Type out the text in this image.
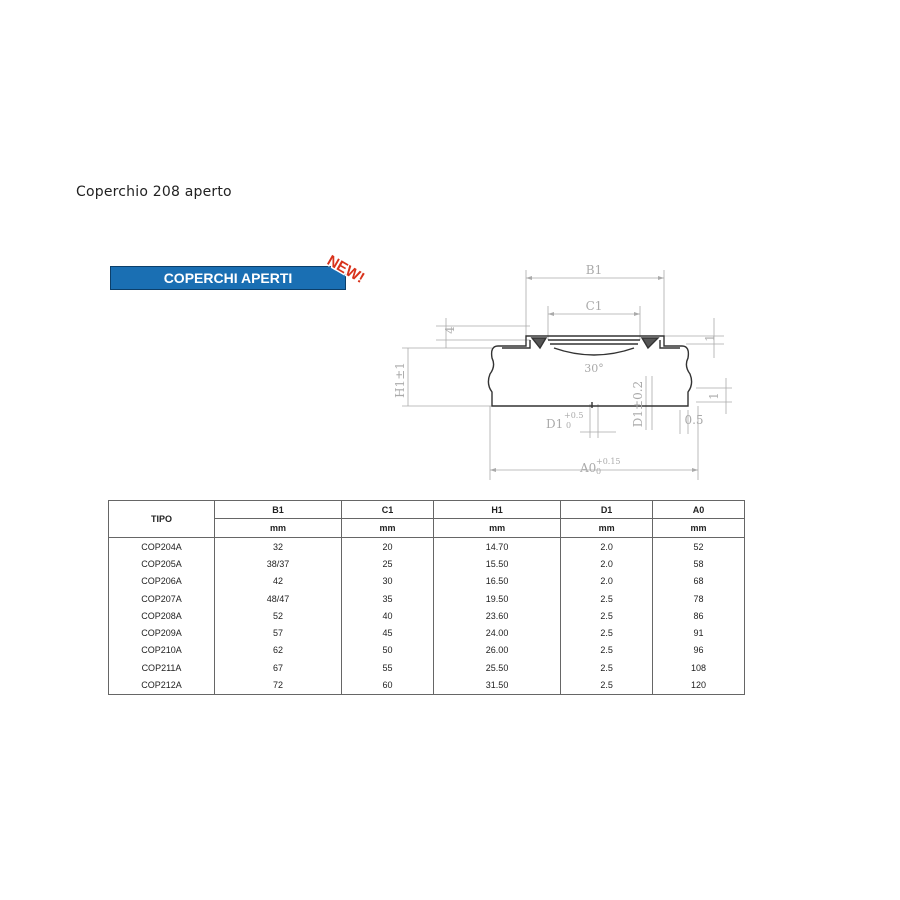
Coperchio 208 aperto
COPERCHI APERTI	NEW!	B1
C1
H1±1	30°
D1
+0.5
0	D1±0.2
A0 +0.15
0
0.5
1
1
4
TIPO	B1	C1	H1	D1	A0
	mm	mm	mm	mm	mm
COP204A	32	20	14.70	2.0	52
COP205A	38/37	25	15.50	2.0	58
COP206A	42	30	16.50	2.0	68
COP207A	48/47	35	19.50	2.5	78
COP208A	52	40	23.60	2.5	86
COP209A	57	45	24.00	2.5	91
COP210A	62	50	26.00	2.5	96
COP211A	67	55	25.50	2.5	108
COP212A	72	60	31.50	2.5	120
